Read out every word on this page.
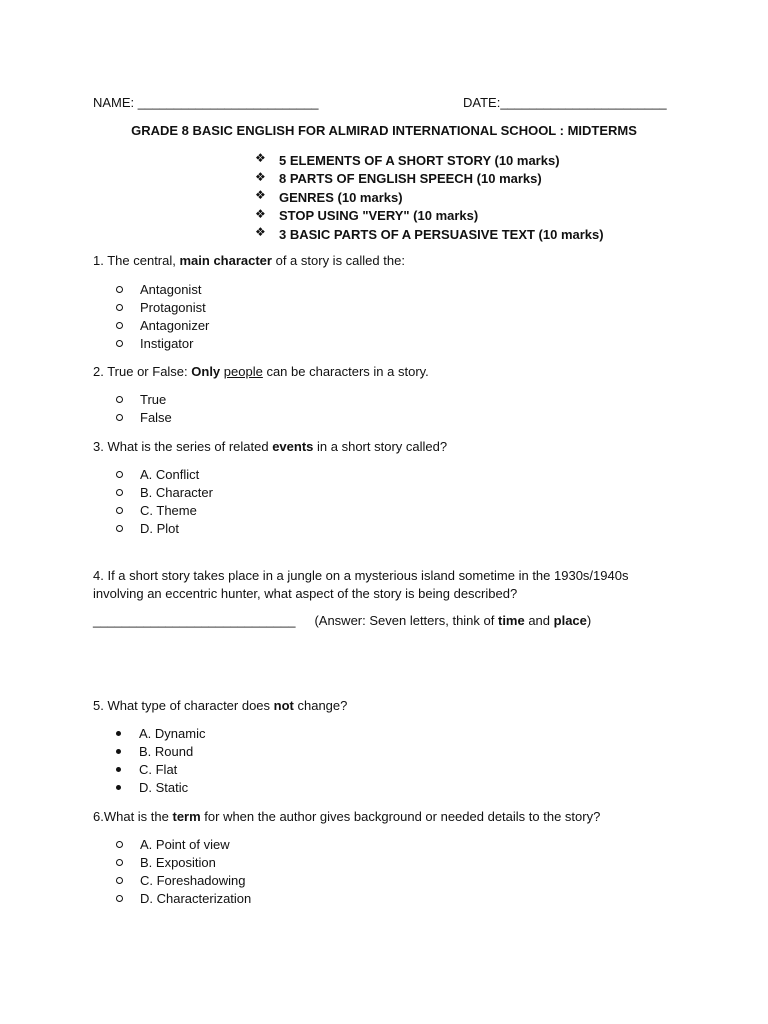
NAME: _________________________	DATE:_______________________
GRADE 8 BASIC ENGLISH FOR ALMIRAD INTERNATIONAL SCHOOL : MIDTERMS
❖
5 ELEMENTS OF A SHORT STORY (10 marks)
❖
8 PARTS OF ENGLISH SPEECH (10 marks)
❖
GENRES (10 marks)
❖
STOP USING "VERY" (10 marks)
❖
3 BASIC PARTS OF A PERSUASIVE TEXT (10 marks)
1. The central, main character of a story is called the:
Antagonist
Protagonist
Antagonizer
Instigator
2. True or False: Only people can be characters in a story.
True
False
3. What is the series of related events in a short story called?
A. Conflict
B. Character
C. Theme
D. Plot
4. If a short story takes place in a jungle on a mysterious island sometime in the 1930s/1940s
involving an eccentric hunter, what aspect of the story is being described?
____________________________ (Answer: Seven letters, think of time and place)
5. What type of character does not change?
A. Dynamic
B. Round
C. Flat
D. Static
6.What is the term for when the author gives background or needed details to the story?
A. Point of view
B. Exposition
C. Foreshadowing
D. Characterization
